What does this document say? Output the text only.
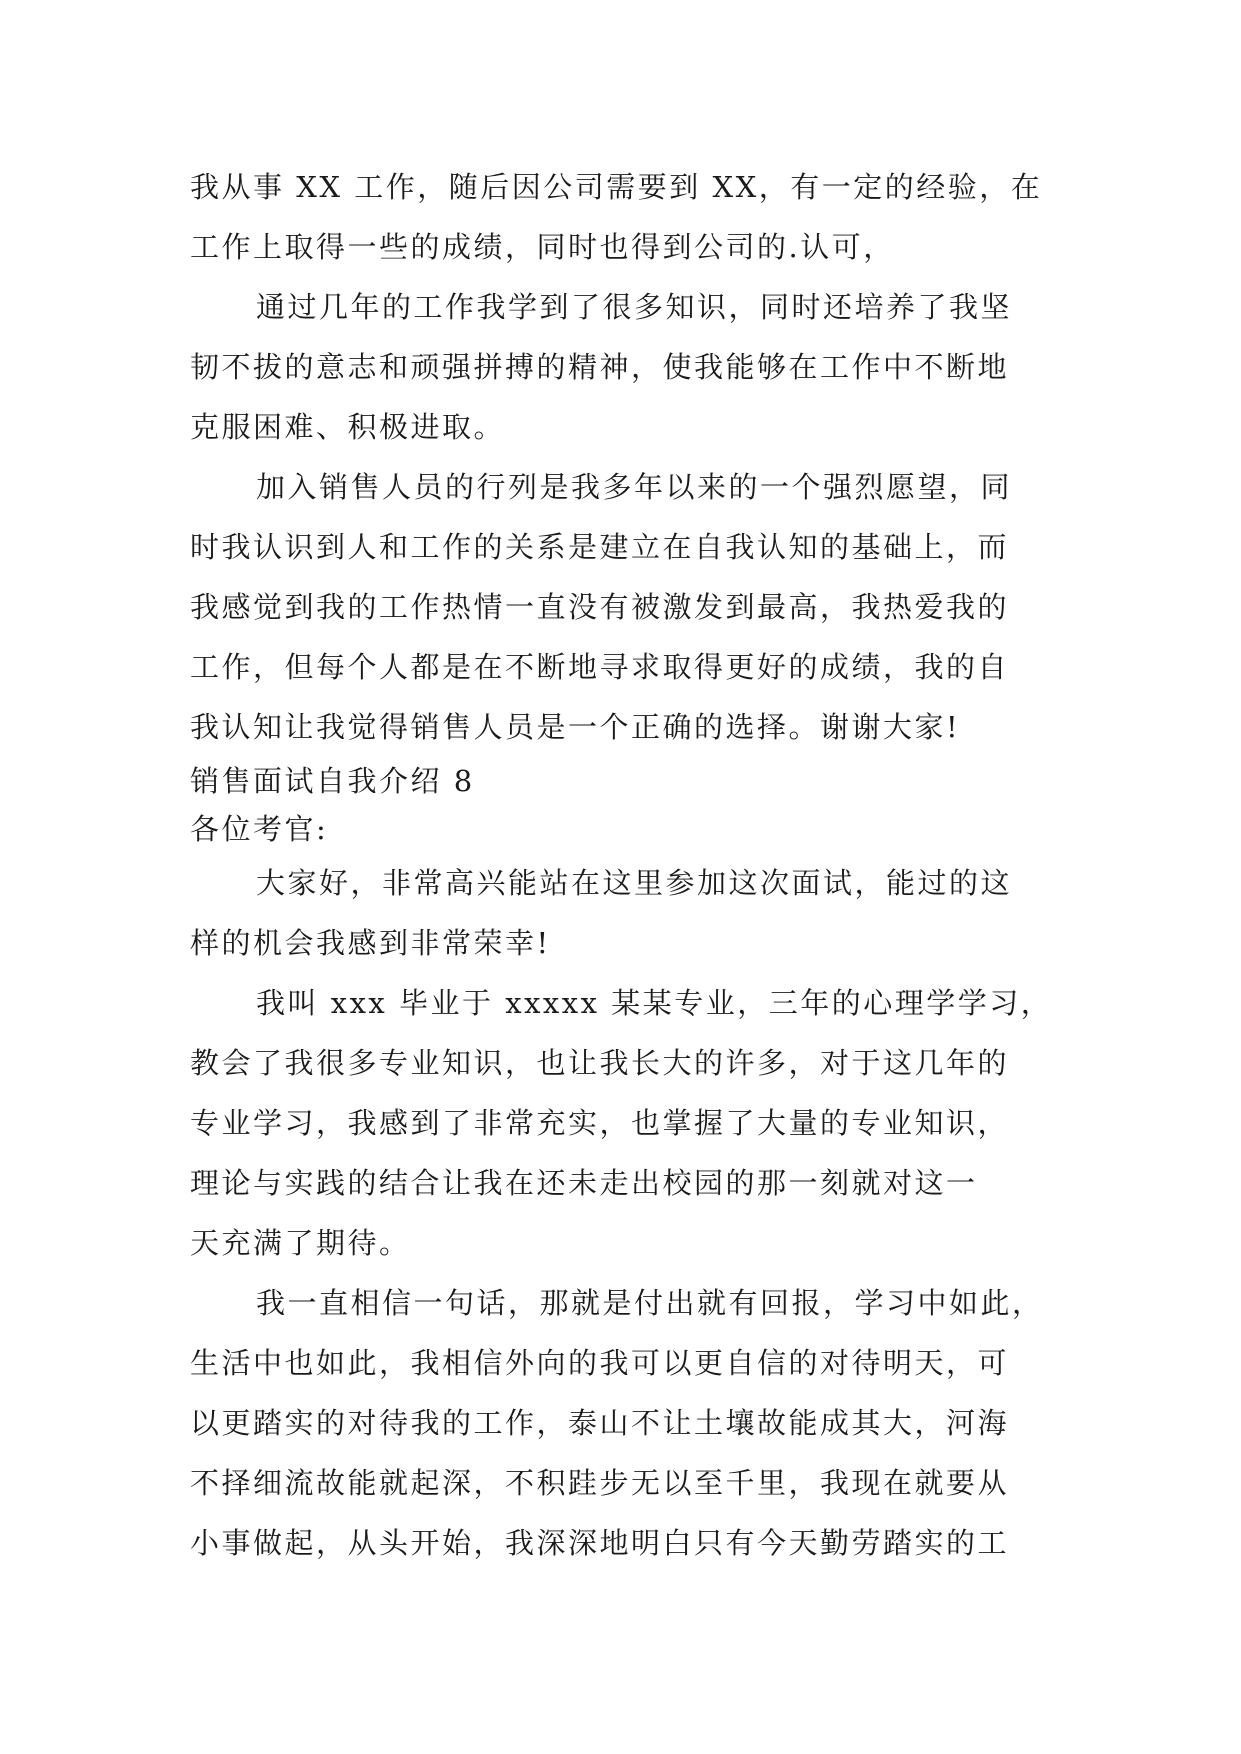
我从事 XX 工作，随后因公司需要到 XX，有一定的经验，在
工作上取得一些的成绩，同时也得到公司的.认可，
通过几年的工作我学到了很多知识，同时还培养了我坚
韧不拔的意志和顽强拼搏的精神，使我能够在工作中不断地
克服困难、积极进取。
加入销售人员的行列是我多年以来的一个强烈愿望，同
时我认识到人和工作的关系是建立在自我认知的基础上，而
我感觉到我的工作热情一直没有被激发到最高，我热爱我的
工作，但每个人都是在不断地寻求取得更好的成绩，我的自
我认知让我觉得销售人员是一个正确的选择。谢谢大家!
销售面试自我介绍 8
各位考官:
大家好，非常高兴能站在这里参加这次面试，能过的这
样的机会我感到非常荣幸!
我叫 xxx 毕业于 xxxxx 某某专业，三年的心理学学习，
教会了我很多专业知识，也让我长大的许多，对于这几年的
专业学习，我感到了非常充实，也掌握了大量的专业知识，
理论与实践的结合让我在还未走出校园的那一刻就对这一
天充满了期待。
我一直相信一句话，那就是付出就有回报，学习中如此，
生活中也如此，我相信外向的我可以更自信的对待明天，可
以更踏实的对待我的工作，泰山不让土壤故能成其大，河海
不择细流故能就起深，不积跬步无以至千里，我现在就要从
小事做起，从头开始，我深深地明白只有今天勤劳踏实的工
